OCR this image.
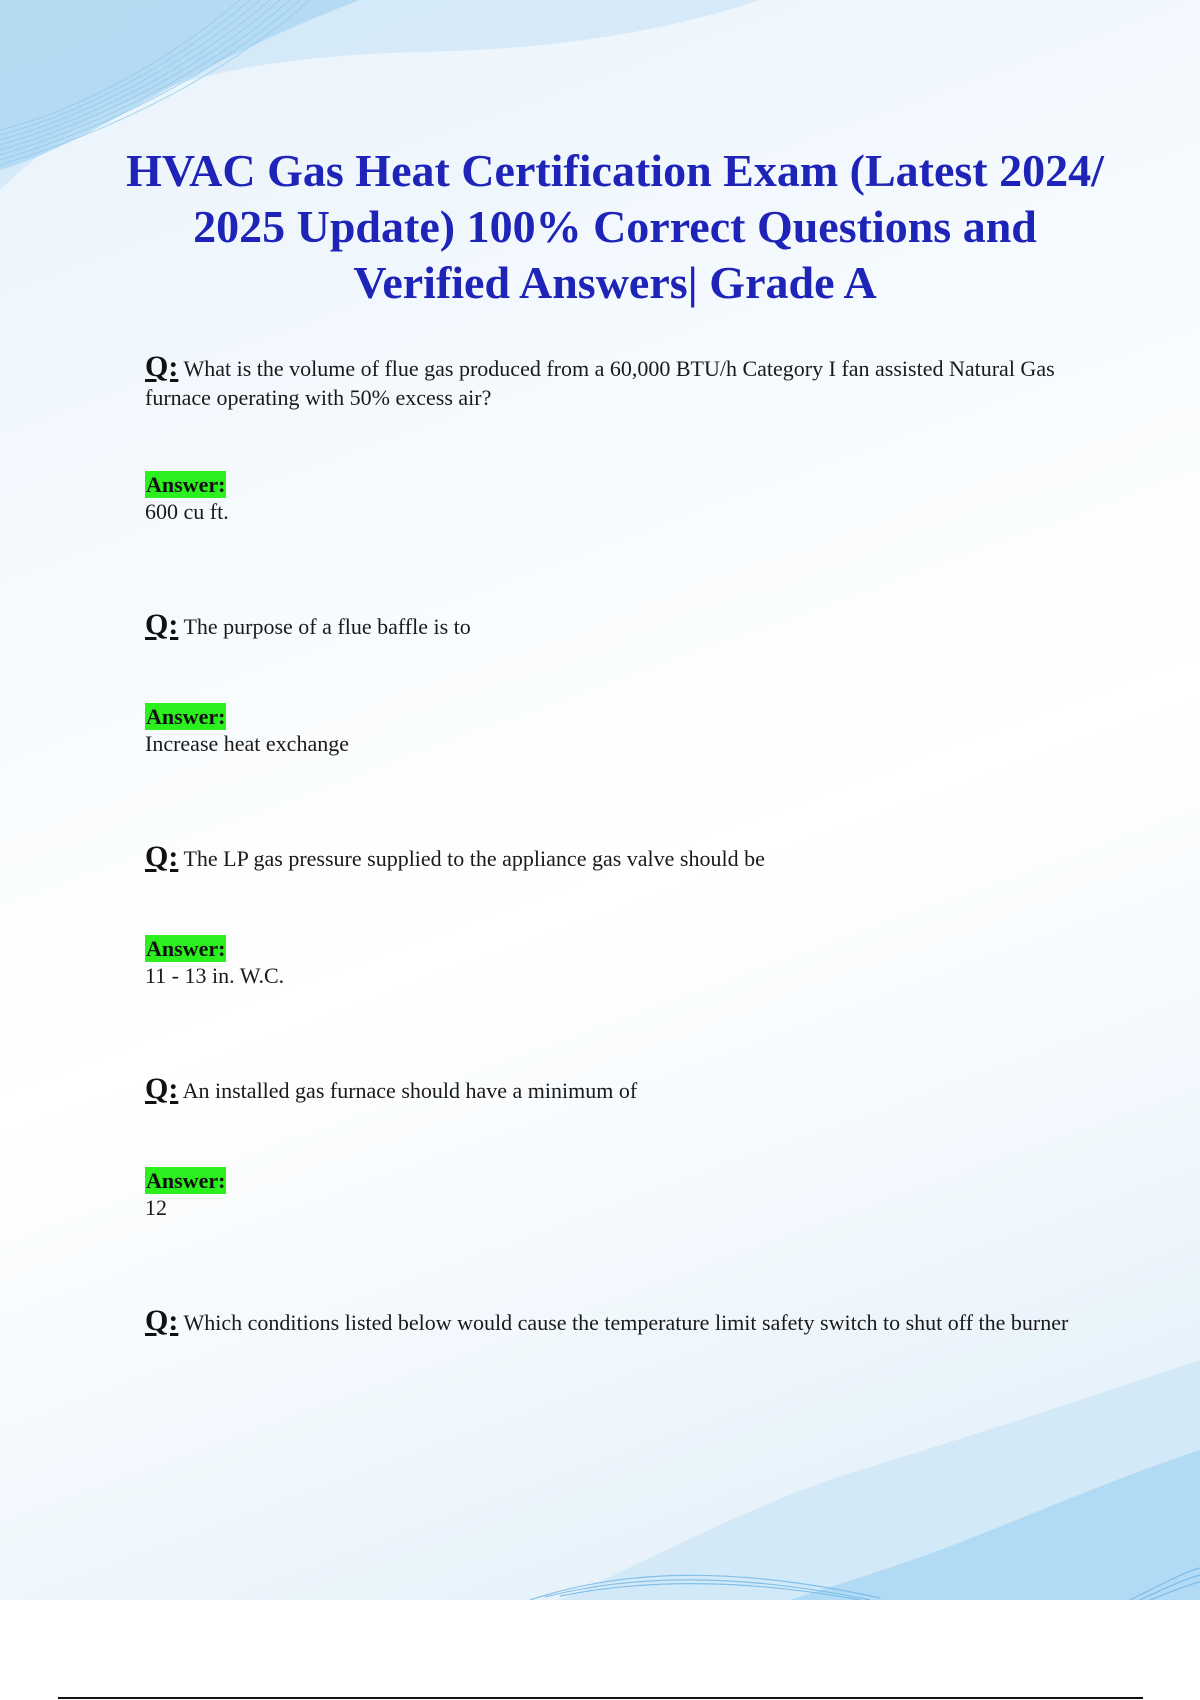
HVAC Gas Heat Certification Exam (Latest 2024/ 2025 Update) 100% Correct Questions and Verified Answers| Grade A

Q: What is the volume of flue gas produced from a 60,000 BTU/h Category I fan assisted Natural Gas furnace operating with 50% excess air?

Answer:

600 cu ft.

Q: The purpose of a flue baffle is to

Answer:

Increase heat exchange

Q: The LP gas pressure supplied to the appliance gas valve should be

Answer:

11 - 13 in. W.C.

Q: An installed gas furnace should have a minimum of

Answer:

12

Q: Which conditions listed below would cause the temperature limit safety switch to shut off the burner
